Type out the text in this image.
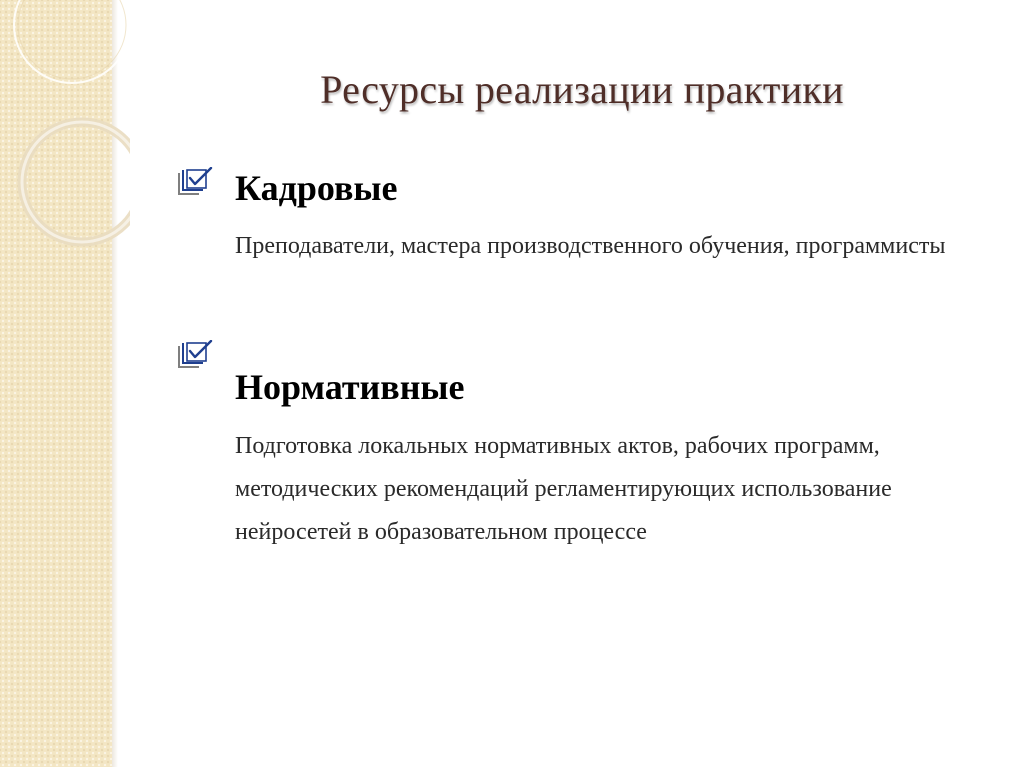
Ресурсы реализации практики
Кадровые

Преподаватели, мастера производственного обучения, программисты

Нормативные

Подготовка локальных нормативных актов, рабочих программ, методических рекомендаций регламентирующих использование нейросетей в образовательном процессе
